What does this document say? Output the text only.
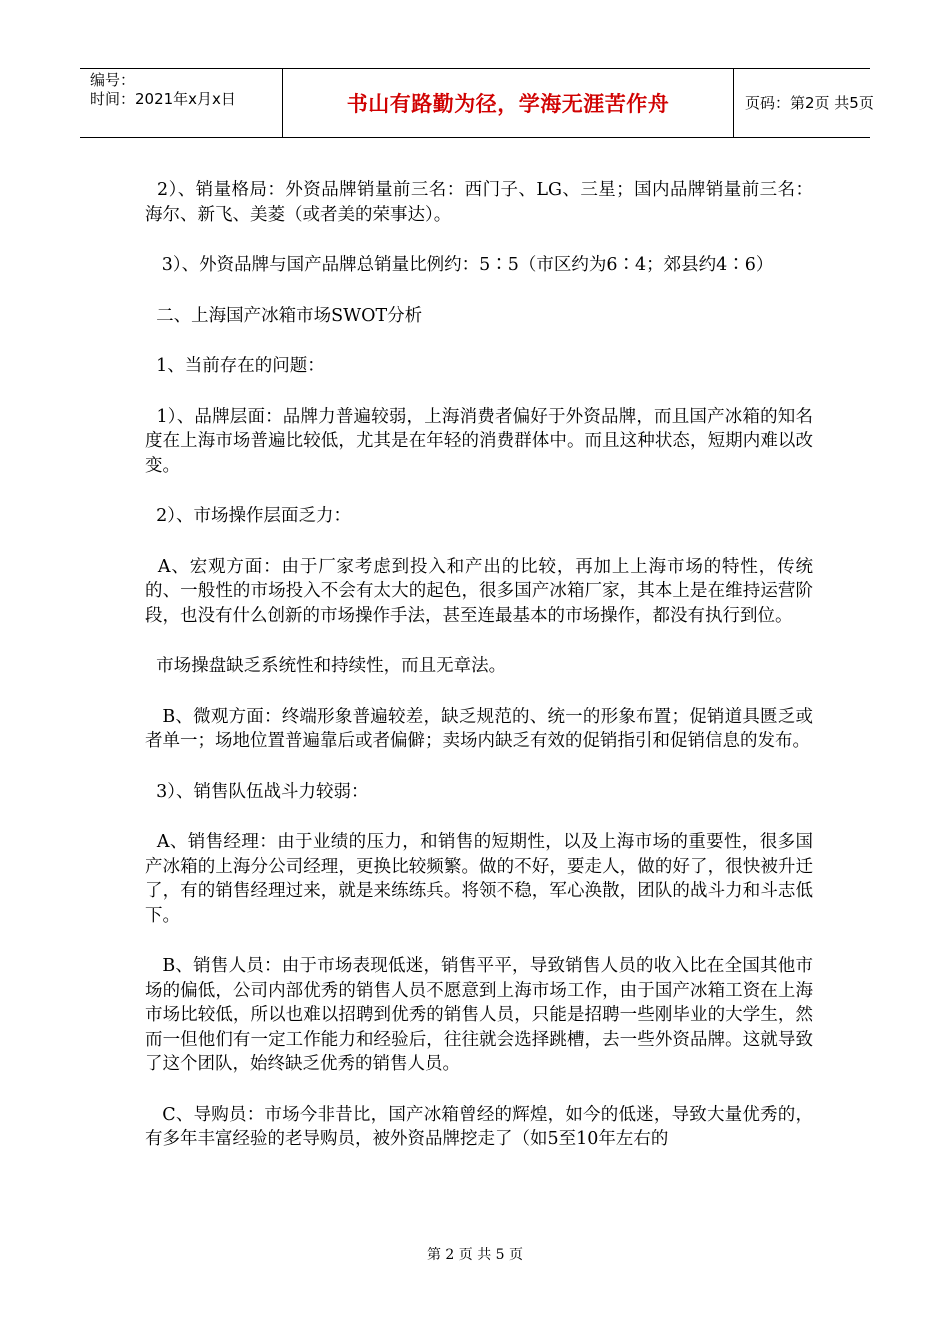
编号：
时间：2021年x月x日	书山有路勤为径，学海无涯苦作舟	页码：第2页 共5页

2）、销量格局：外资品牌销量前三名：西门子、LG、三星；国内品牌销量前三名：海尔、新飞、美菱（或者美的荣事达）。

3）、外资品牌与国产品牌总销量比例约：5∶5（市区约为6∶4；郊县约4∶6）

二、上海国产冰箱市场SWOT分析

1、当前存在的问题：

1）、品牌层面：品牌力普遍较弱，上海消费者偏好于外资品牌，而且国产冰箱的知名度在上海市场普遍比较低，尤其是在年轻的消费群体中。而且这种状态，短期内难以改变。

2）、市场操作层面乏力：

A、宏观方面：由于厂家考虑到投入和产出的比较，再加上上海市场的特性，传统的、一般性的市场投入不会有太大的起色，很多国产冰箱厂家，其本上是在维持运营阶段，也没有什么创新的市场操作手法，甚至连最基本的市场操作，都没有执行到位。

市场操盘缺乏系统性和持续性，而且无章法。

B、微观方面：终端形象普遍较差，缺乏规范的、统一的形象布置；促销道具匮乏或者单一；场地位置普遍靠后或者偏僻；卖场内缺乏有效的促销指引和促销信息的发布。

3）、销售队伍战斗力较弱：

A、销售经理：由于业绩的压力，和销售的短期性，以及上海市场的重要性，很多国产冰箱的上海分公司经理，更换比较频繁。做的不好，要走人，做的好了，很快被升迁了，有的销售经理过来，就是来练练兵。将领不稳，军心涣散，团队的战斗力和斗志低下。

B、销售人员：由于市场表现低迷，销售平平，导致销售人员的收入比在全国其他市场的偏低，公司内部优秀的销售人员不愿意到上海市场工作，由于国产冰箱工资在上海市场比较低，所以也难以招聘到优秀的销售人员，只能是招聘一些刚毕业的大学生，然而一但他们有一定工作能力和经验后，往往就会选择跳槽，去一些外资品牌。这就导致了这个团队，始终缺乏优秀的销售人员。

C、导购员：市场今非昔比，国产冰箱曾经的辉煌，如今的低迷，导致大量优秀的，有多年丰富经验的老导购员，被外资品牌挖走了（如5至10年左右的

第 2 页 共 5 页
